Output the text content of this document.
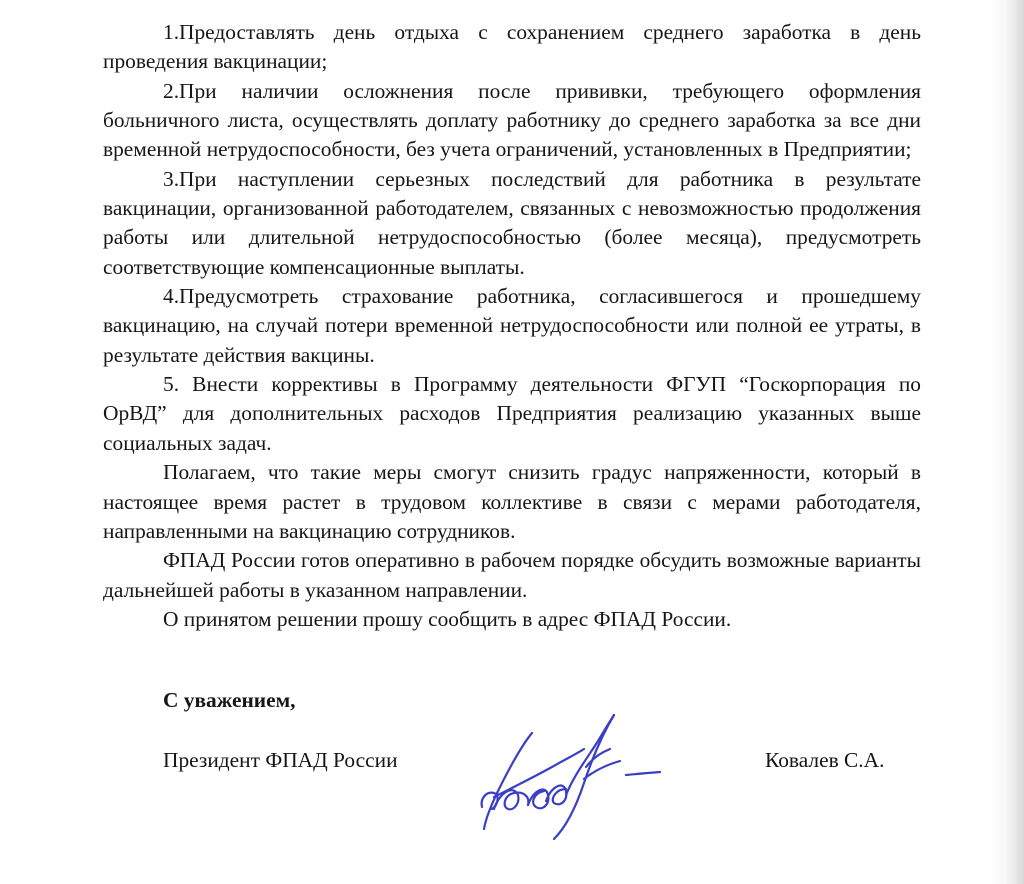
1.Предоставлять день отдыха с сохранением среднего заработка в день проведения вакцинации;

2.При наличии осложнения после прививки, требующего оформления больничного листа, осуществлять доплату работнику до среднего заработка за все дни временной нетрудоспособности, без учета ограничений, установленных в Предприятии;

3.При наступлении серьезных последствий для работника в результате вакцинации, организованной работодателем, связанных с невозможностью продолжения работы или длительной нетрудоспособностью (более месяца), предусмотреть соответствующие компенсационные выплаты.

4.Предусмотреть страхование работника, согласившегося и прошедшему вакцинацию, на случай потери временной нетрудоспособности или полной ее утраты, в результате действия вакцины.

5. Внести коррективы в Программу деятельности ФГУП “Госкорпорация по ОрВД” для дополнительных расходов Предприятия реализацию указанных выше социальных задач.

Полагаем, что такие меры смогут снизить градус напряженности, который в настоящее время растет в трудовом коллективе в связи с мерами работодателя, направленными на вакцинацию сотрудников.

ФПАД России готов оперативно в рабочем порядке обсудить возможные варианты дальнейшей работы в указанном направлении.

О принятом решении прошу сообщить в адрес ФПАД России.

С уважением,
Президент ФПАД России	Ковалев С.А.
